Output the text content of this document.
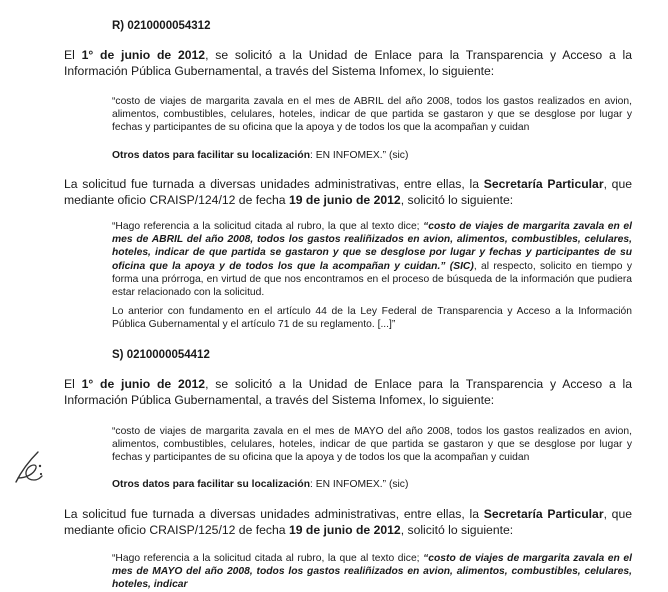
R) 0210000054312

El 1° de junio de 2012, se solicitó a la Unidad de Enlace para la Transparencia y Acceso a la Información Pública Gubernamental, a través del Sistema Infomex, lo siguiente:

“costo de viajes de margarita zavala en el mes de ABRIL del año 2008, todos los gastos realizados en avion, alimentos, combustibles, celulares, hoteles, indicar de que partida se gastaron y que se desglose por lugar y fechas y participantes de su oficina que la apoya y de todos los que la acompañan y cuidan

Otros datos para facilitar su localización: EN INFOMEX.” (sic)

La solicitud fue turnada a diversas unidades administrativas, entre ellas, la Secretaría Particular, que mediante oficio CRAISP/124/12 de fecha 19 de junio de 2012, solicitó lo siguiente:

“Hago referencia a la solicitud citada al rubro, la que al texto dice; “costo de viajes de margarita zavala en el mes de ABRIL del año 2008, todos los gastos realiñizados en avion, alimentos, combustibles, celulares, hoteles, indicar de que partida se gastaron y que se desglose por lugar y fechas y participantes de su oficina que la apoya y de todos los que la acompañan y cuidan.” (SIC), al respecto, solicito en tiempo y forma una prórroga, en virtud de que nos encontramos en el proceso de búsqueda de la información que pudiera estar relacionado con la solicitud.

Lo anterior con fundamento en el artículo 44 de la Ley Federal de Transparencia y Acceso a la Información Pública Gubernamental y el artículo 71 de su reglamento. [...]”

S) 0210000054412

El 1° de junio de 2012, se solicitó a la Unidad de Enlace para la Transparencia y Acceso a la Información Pública Gubernamental, a través del Sistema Infomex, lo siguiente:

“costo de viajes de margarita zavala en el mes de MAYO del año 2008, todos los gastos realizados en avion, alimentos, combustibles, celulares, hoteles, indicar de que partida se gastaron y que se desglose por lugar y fechas y participantes de su oficina que la apoya y de todos los que la acompañan y cuidan

Otros datos para facilitar su localización: EN INFOMEX.” (sic)

La solicitud fue turnada a diversas unidades administrativas, entre ellas, la Secretaría Particular, que mediante oficio CRAISP/125/12 de fecha 19 de junio de 2012, solicitó lo siguiente:

“Hago referencia a la solicitud citada al rubro, la que al texto dice; “costo de viajes de margarita zavala en el mes de MAYO del año 2008, todos los gastos realiñizados en avion, alimentos, combustibles, celulares, hoteles, indicar
